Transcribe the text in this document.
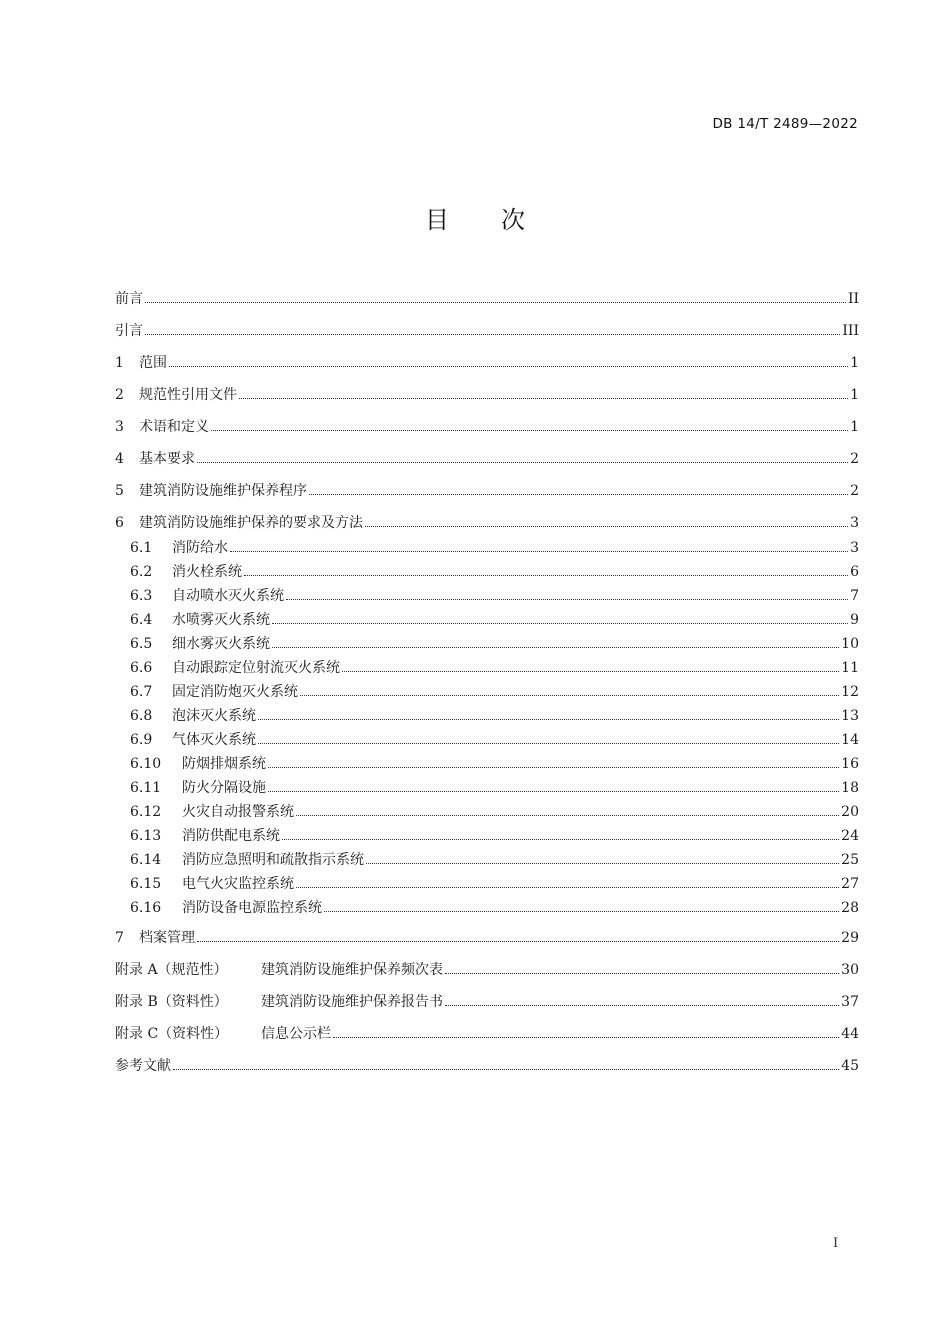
DB 14/T 2489—2022
目 次
前言	II
引言	III
1	范围	1
2	规范性引用文件	1
3	术语和定义	1
4	基本要求	2
5	建筑消防设施维护保养程序	2
6	建筑消防设施维护保养的要求及方法	3
6.1	消防给水	3
6.2	消火栓系统	6
6.3	自动喷水灭火系统	7
6.4	水喷雾灭火系统	9
6.5	细水雾灭火系统	10
6.6	自动跟踪定位射流灭火系统	11
6.7	固定消防炮灭火系统	12
6.8	泡沫灭火系统	13
6.9	气体灭火系统	14
6.10	防烟排烟系统	16
6.11	防火分隔设施	18
6.12	火灾自动报警系统	20
6.13	消防供配电系统	24
6.14	消防应急照明和疏散指示系统	25
6.15	电气火灾监控系统	27
6.16	消防设备电源监控系统	28
7	档案管理	29
附录 A（规范性）	建筑消防设施维护保养频次表	30
附录 B（资料性）	建筑消防设施维护保养报告书	37
附录 C（资料性）	信息公示栏	44
参考文献	45
I
